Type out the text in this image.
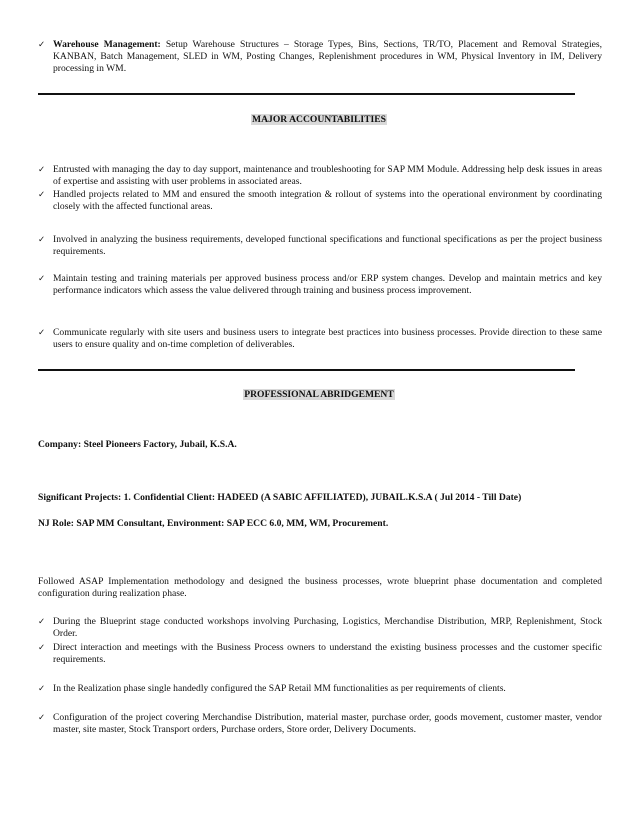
✓ Warehouse Management: Setup Warehouse Structures – Storage Types, Bins, Sections, TR/TO, Placement and Removal Strategies, KANBAN, Batch Management, SLED in WM, Posting Changes, Replenishment procedures in WM, Physical Inventory in IM, Delivery processing in WM.
MAJOR ACCOUNTABILITIES
✓ Entrusted with managing the day to day support, maintenance and troubleshooting for SAP MM Module. Addressing help desk issues in areas of expertise and assisting with user problems in associated areas.
✓ Handled projects related to MM and ensured the smooth integration & rollout of systems into the operational environment by coordinating closely with the affected functional areas.
✓ Involved in analyzing the business requirements, developed functional specifications and functional specifications as per the project business requirements.
✓ Maintain testing and training materials per approved business process and/or ERP system changes. Develop and maintain metrics and key performance indicators which assess the value delivered through training and business process improvement.
✓ Communicate regularly with site users and business users to integrate best practices into business processes. Provide direction to these same users to ensure quality and on-time completion of deliverables.
PROFESSIONAL ABRIDGEMENT
Company: Steel Pioneers Factory, Jubail, K.S.A.
Significant Projects: 1. Confidential Client: HADEED (A SABIC AFFILIATED), JUBAIL.K.S.A ( Jul 2014 - Till Date)
NJ Role: SAP MM Consultant, Environment: SAP ECC 6.0, MM, WM, Procurement.
Followed ASAP Implementation methodology and designed the business processes, wrote blueprint phase documentation and completed configuration during realization phase.
✓ During the Blueprint stage conducted workshops involving Purchasing, Logistics, Merchandise Distribution, MRP, Replenishment, Stock Order.
✓ Direct interaction and meetings with the Business Process owners to understand the existing business processes and the customer specific requirements.
✓ In the Realization phase single handedly configured the SAP Retail MM functionalities as per requirements of clients.
✓ Configuration of the project covering Merchandise Distribution, material master, purchase order, goods movement, customer master, vendor master, site master, Stock Transport orders, Purchase orders, Store order, Delivery Documents.
